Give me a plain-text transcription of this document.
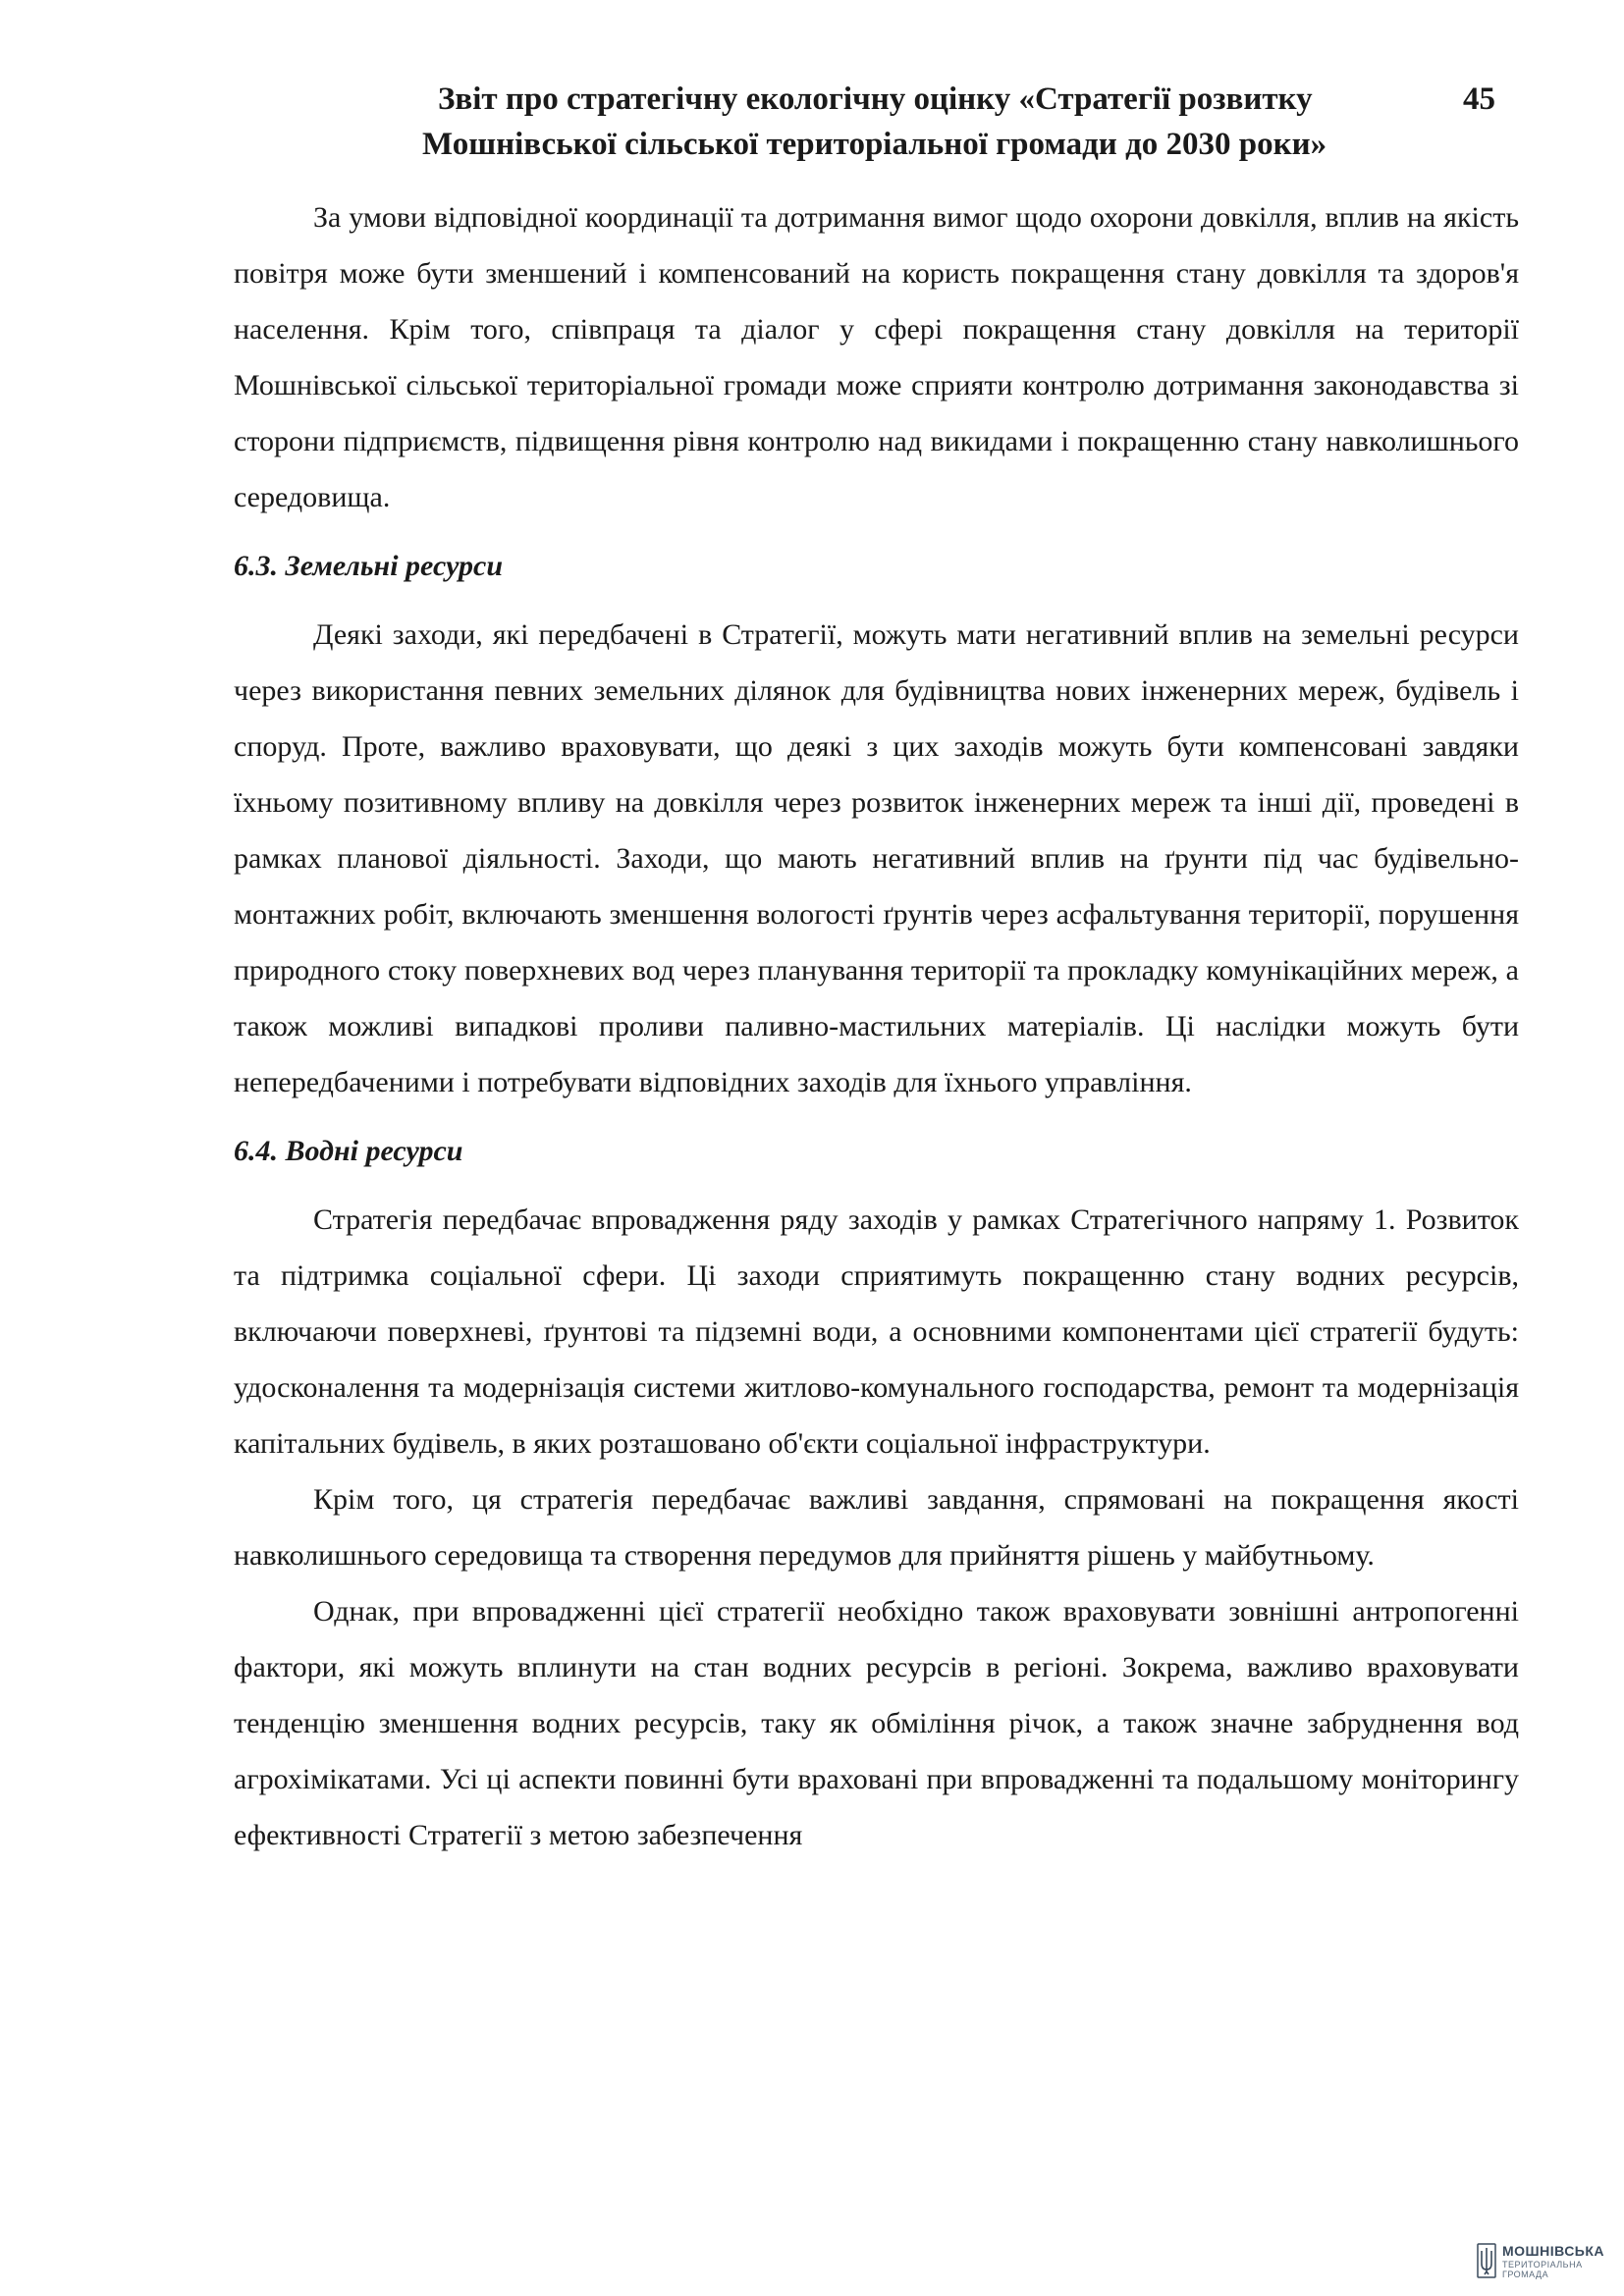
Звіт про стратегічну екологічну оцінку «Стратегії розвитку	45
Мошнівської сільської територіальної громади до 2030 роки»

За умови відповідної координації та дотримання вимог щодо охорони довкілля, вплив на якість повітря може бути зменшений і компенсований на користь покращення стану довкілля та здоров'я населення. Крім того, співпраця та діалог у сфері покращення стану довкілля на території Мошнівської сільської територіальної громади може сприяти контролю дотримання законодавства зі сторони підприємств, підвищення рівня контролю над викидами і покращенню стану навколишнього середовища.

6.3. Земельні ресурси

Деякі заходи, які передбачені в Стратегії, можуть мати негативний вплив на земельні ресурси через використання певних земельних ділянок для будівництва нових інженерних мереж, будівель і споруд. Проте, важливо враховувати, що деякі з цих заходів можуть бути компенсовані завдяки їхньому позитивному впливу на довкілля через розвиток інженерних мереж та інші дії, проведені в рамках планової діяльності. Заходи, що мають негативний вплив на ґрунти під час будівельно-монтажних робіт, включають зменшення вологості ґрунтів через асфальтування території, порушення природного стоку поверхневих вод через планування території та прокладку комунікаційних мереж, а також можливі випадкові проливи паливно-мастильних матеріалів. Ці наслідки можуть бути непередбаченими і потребувати відповідних заходів для їхнього управління.

6.4. Водні ресурси

Стратегія передбачає впровадження ряду заходів у рамках Стратегічного напряму 1. Розвиток та підтримка соціальної сфери. Ці заходи сприятимуть покращенню стану водних ресурсів, включаючи поверхневі, ґрунтові та підземні води, а основними компонентами цієї стратегії будуть: удосконалення та модернізація системи житлово-комунального господарства, ремонт та модернізація капітальних будівель, в яких розташовано об'єкти соціальної інфраструктури.

Крім того, ця стратегія передбачає важливі завдання, спрямовані на покращення якості навколишнього середовища та створення передумов для прийняття рішень у майбутньому.

Однак, при впровадженні цієї стратегії необхідно також враховувати зовнішні антропогенні фактори, які можуть вплинути на стан водних ресурсів в регіоні. Зокрема, важливо враховувати тенденцію зменшення водних ресурсів, таку як обміління річок, а також значне забруднення вод агрохімікатами. Усі ці аспекти повинні бути враховані при впровадженні та подальшому моніторингу ефективності Стратегії з метою забезпечення

МОШНІВСЬКА
ТЕРИТОРІАЛЬНА
ГРОМАДА
